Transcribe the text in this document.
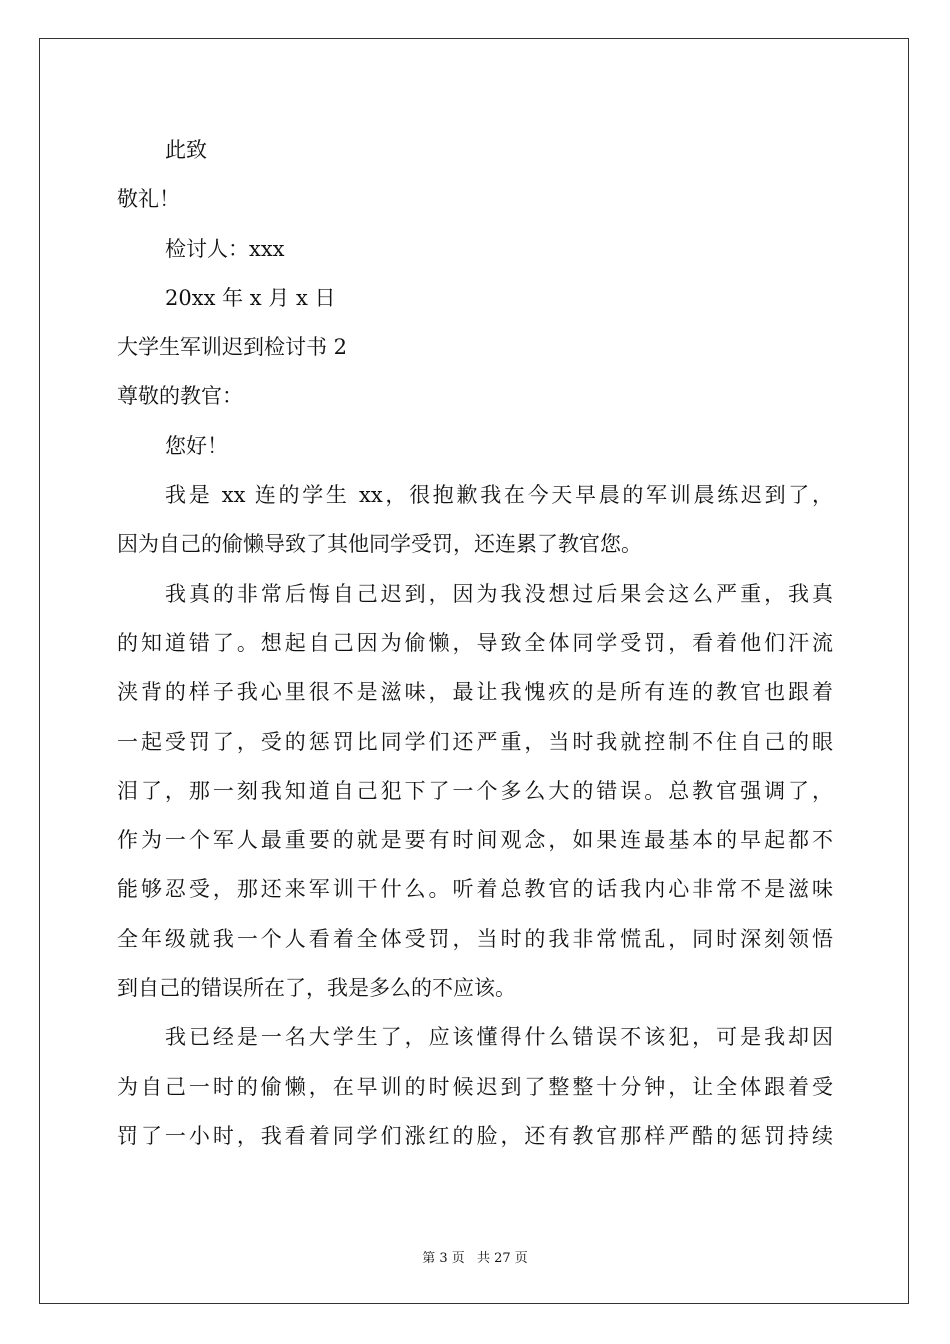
此致
敬礼！
检讨人：xxx
20xx 年 x 月 x 日
大学生军训迟到检讨书 2
尊敬的教官：
您好！
我是 xx 连的学生 xx，很抱歉我在今天早晨的军训晨练迟到了，
因为自己的偷懒导致了其他同学受罚，还连累了教官您。
我真的非常后悔自己迟到，因为我没想过后果会这么严重，我真
的知道错了。想起自己因为偷懒，导致全体同学受罚，看着他们汗流
浃背的样子我心里很不是滋味，最让我愧疚的是所有连的教官也跟着
一起受罚了，受的惩罚比同学们还严重，当时我就控制不住自己的眼
泪了，那一刻我知道自己犯下了一个多么大的错误。总教官强调了，
作为一个军人最重要的就是要有时间观念，如果连最基本的早起都不
能够忍受，那还来军训干什么。听着总教官的话我内心非常不是滋味
全年级就我一个人看着全体受罚，当时的我非常慌乱，同时深刻领悟
到自己的错误所在了，我是多么的不应该。
我已经是一名大学生了，应该懂得什么错误不该犯，可是我却因
为自己一时的偷懒，在早训的时候迟到了整整十分钟，让全体跟着受
罚了一小时，我看着同学们涨红的脸，还有教官那样严酷的惩罚持续
第 3 页 共 27 页
